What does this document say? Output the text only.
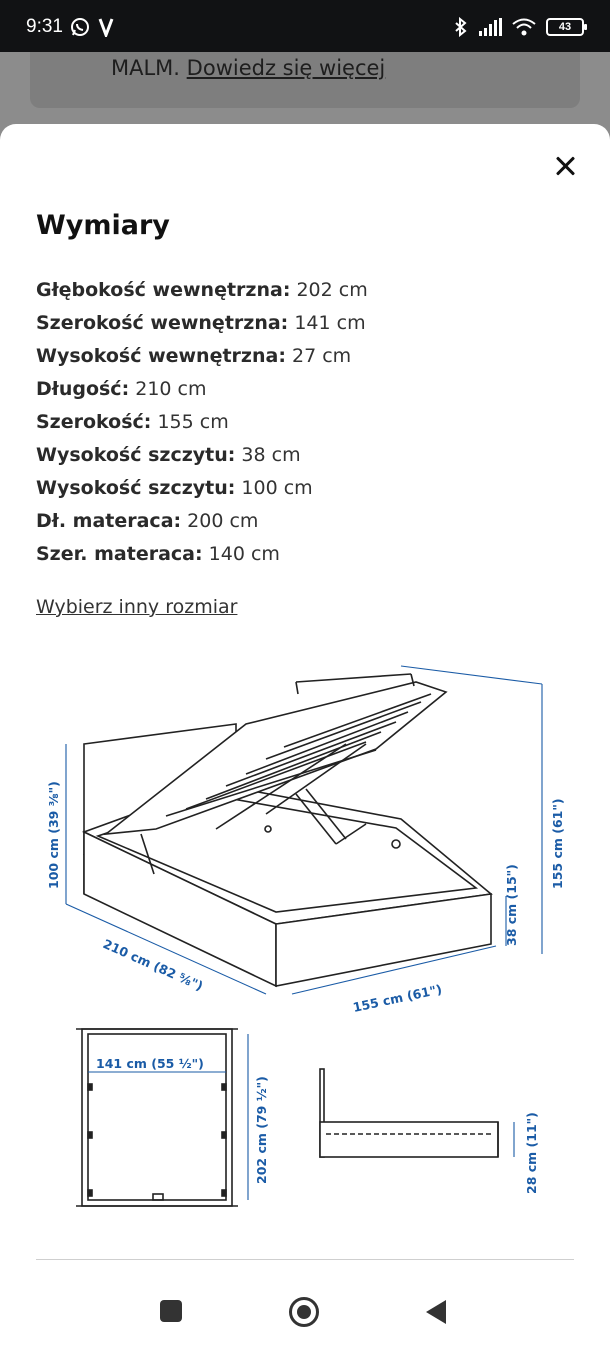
9:31	43
MALM. Dowiedz się więcej
Wymiary
Głębokość wewnętrzna: 202 cm
Szerokość wewnętrzna: 141 cm
Wysokość wewnętrzna: 27 cm
Długość: 210 cm
Szerokość: 155 cm
Wysokość szczytu: 38 cm
Wysokość szczytu: 100 cm
Dł. materaca: 200 cm
Szer. materaca: 140 cm
Wybierz inny rozmiar
100 cm (39 ⅜")
210 cm (82 ⅝")
155 cm (61")
155 cm (61")
38 cm (15")
141 cm (55 ½")
202 cm (79 ½")	28 cm (11")
